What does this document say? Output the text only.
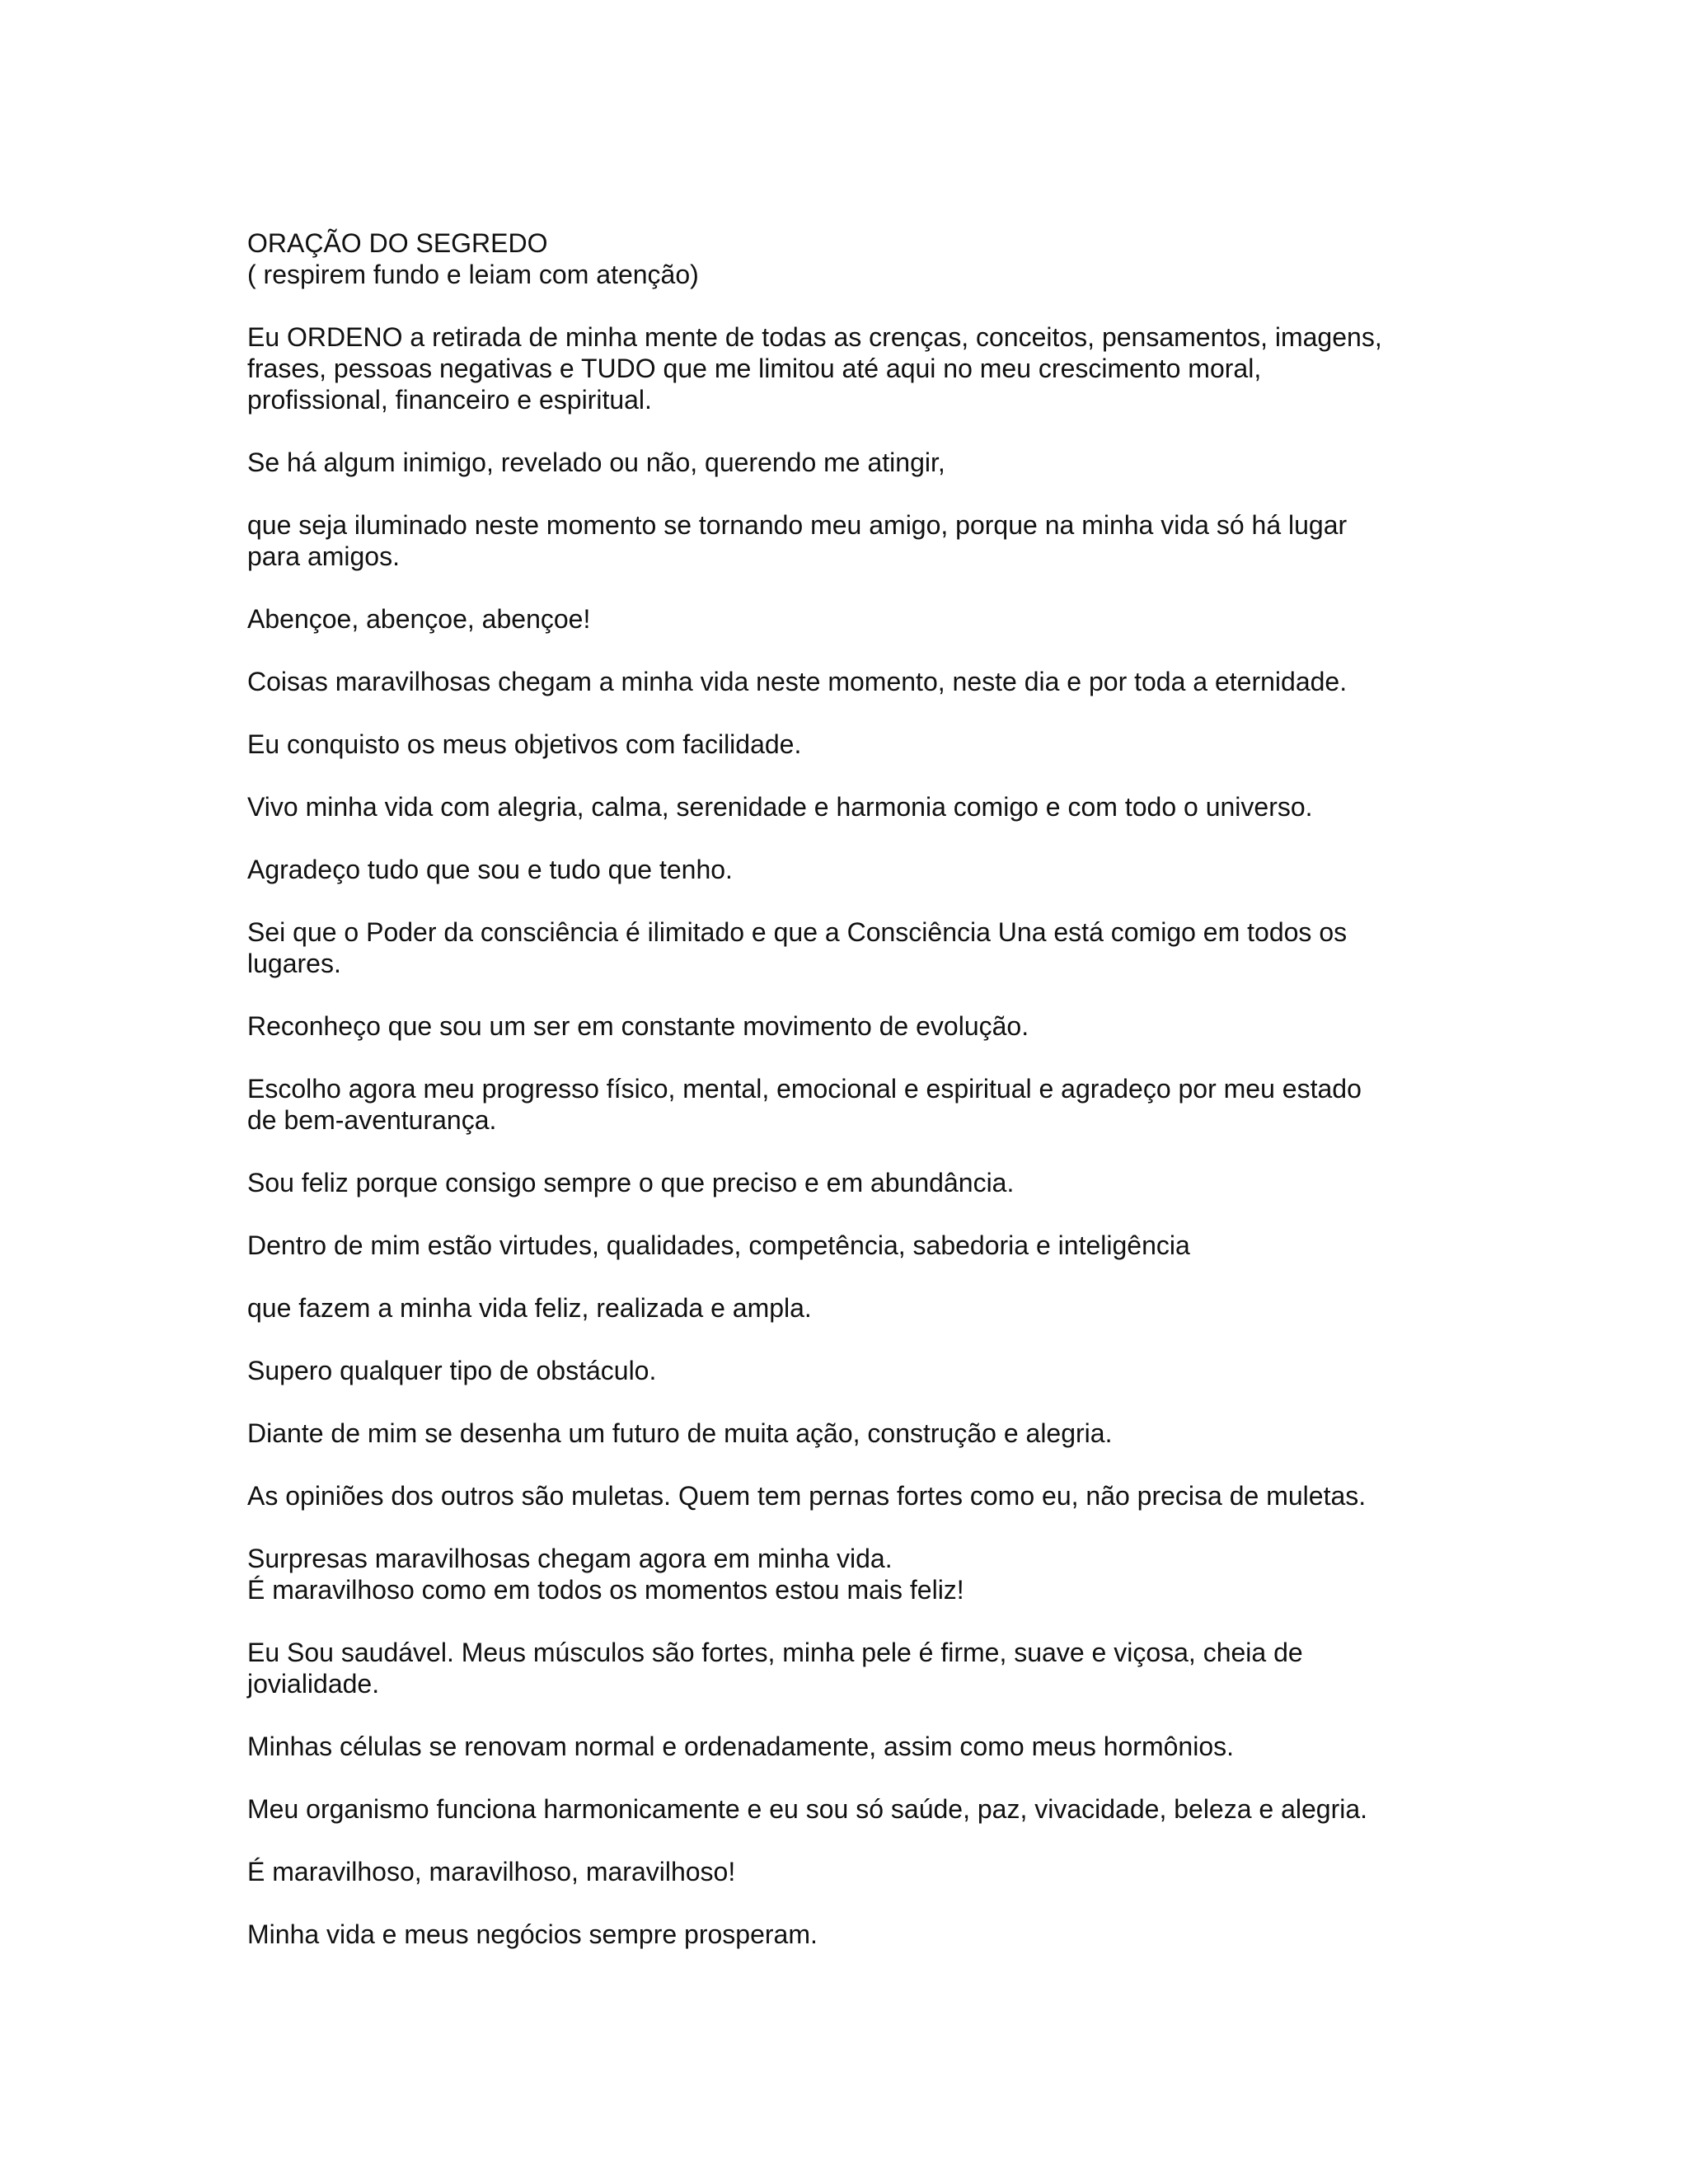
ORAÇÃO DO SEGREDO
( respirem fundo e leiam com atenção)
Eu ORDENO a retirada de minha mente de todas as crenças, conceitos, pensamentos, imagens,
frases, pessoas negativas e TUDO que me limitou até aqui no meu crescimento moral,
profissional, financeiro e espiritual.
Se há algum inimigo, revelado ou não, querendo me atingir,
que seja iluminado neste momento se tornando meu amigo, porque na minha vida só há lugar
para amigos.
Abençoe, abençoe, abençoe!
Coisas maravilhosas chegam a minha vida neste momento, neste dia e por toda a eternidade.
Eu conquisto os meus objetivos com facilidade.
Vivo minha vida com alegria, calma, serenidade e harmonia comigo e com todo o universo.
Agradeço tudo que sou e tudo que tenho.
Sei que o Poder da consciência é ilimitado e que a Consciência Una está comigo em todos os
lugares.
Reconheço que sou um ser em constante movimento de evolução.
Escolho agora meu progresso físico, mental, emocional e espiritual e agradeço por meu estado
de bem-aventurança.
Sou feliz porque consigo sempre o que preciso e em abundância.
Dentro de mim estão virtudes, qualidades, competência, sabedoria e inteligência
que fazem a minha vida feliz, realizada e ampla.
Supero qualquer tipo de obstáculo.
Diante de mim se desenha um futuro de muita ação, construção e alegria.
As opiniões dos outros são muletas. Quem tem pernas fortes como eu, não precisa de muletas.
Surpresas maravilhosas chegam agora em minha vida.
É maravilhoso como em todos os momentos estou mais feliz!
Eu Sou saudável. Meus músculos são fortes, minha pele é firme, suave e viçosa, cheia de
jovialidade.
Minhas células se renovam normal e ordenadamente, assim como meus hormônios.
Meu organismo funciona harmonicamente e eu sou só saúde, paz, vivacidade, beleza e alegria.
É maravilhoso, maravilhoso, maravilhoso!
Minha vida e meus negócios sempre prosperam.
